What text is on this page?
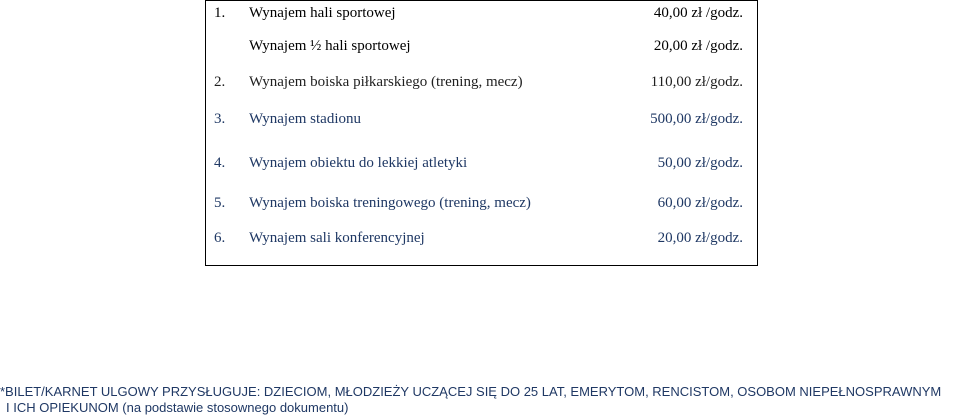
1. Wynajem hali sportowej	40,00 zł /godz.
Wynajem ½ hali sportowej	20,00 zł /godz.
2. Wynajem boiska piłkarskiego (trening, mecz)	110,00 zł/godz.
3. Wynajem stadionu	500,00 zł/godz.
4. Wynajem obiektu do lekkiej atletyki	50,00 zł/godz.
5. Wynajem boiska treningowego (trening, mecz)	60,00 zł/godz.
6. Wynajem sali konferencyjnej	20,00 zł/godz.
*BILET/KARNET ULGOWY PRZYSŁUGUJE: DZIECIOM, MŁODZIEŻY UCZĄCEJ SIĘ DO 25 LAT, EMERYTOM, RENCISTOM, OSOBOM NIEPEŁNOSPRAWNYM
I ICH OPIEKUNOM (na podstawie stosownego dokumentu)
